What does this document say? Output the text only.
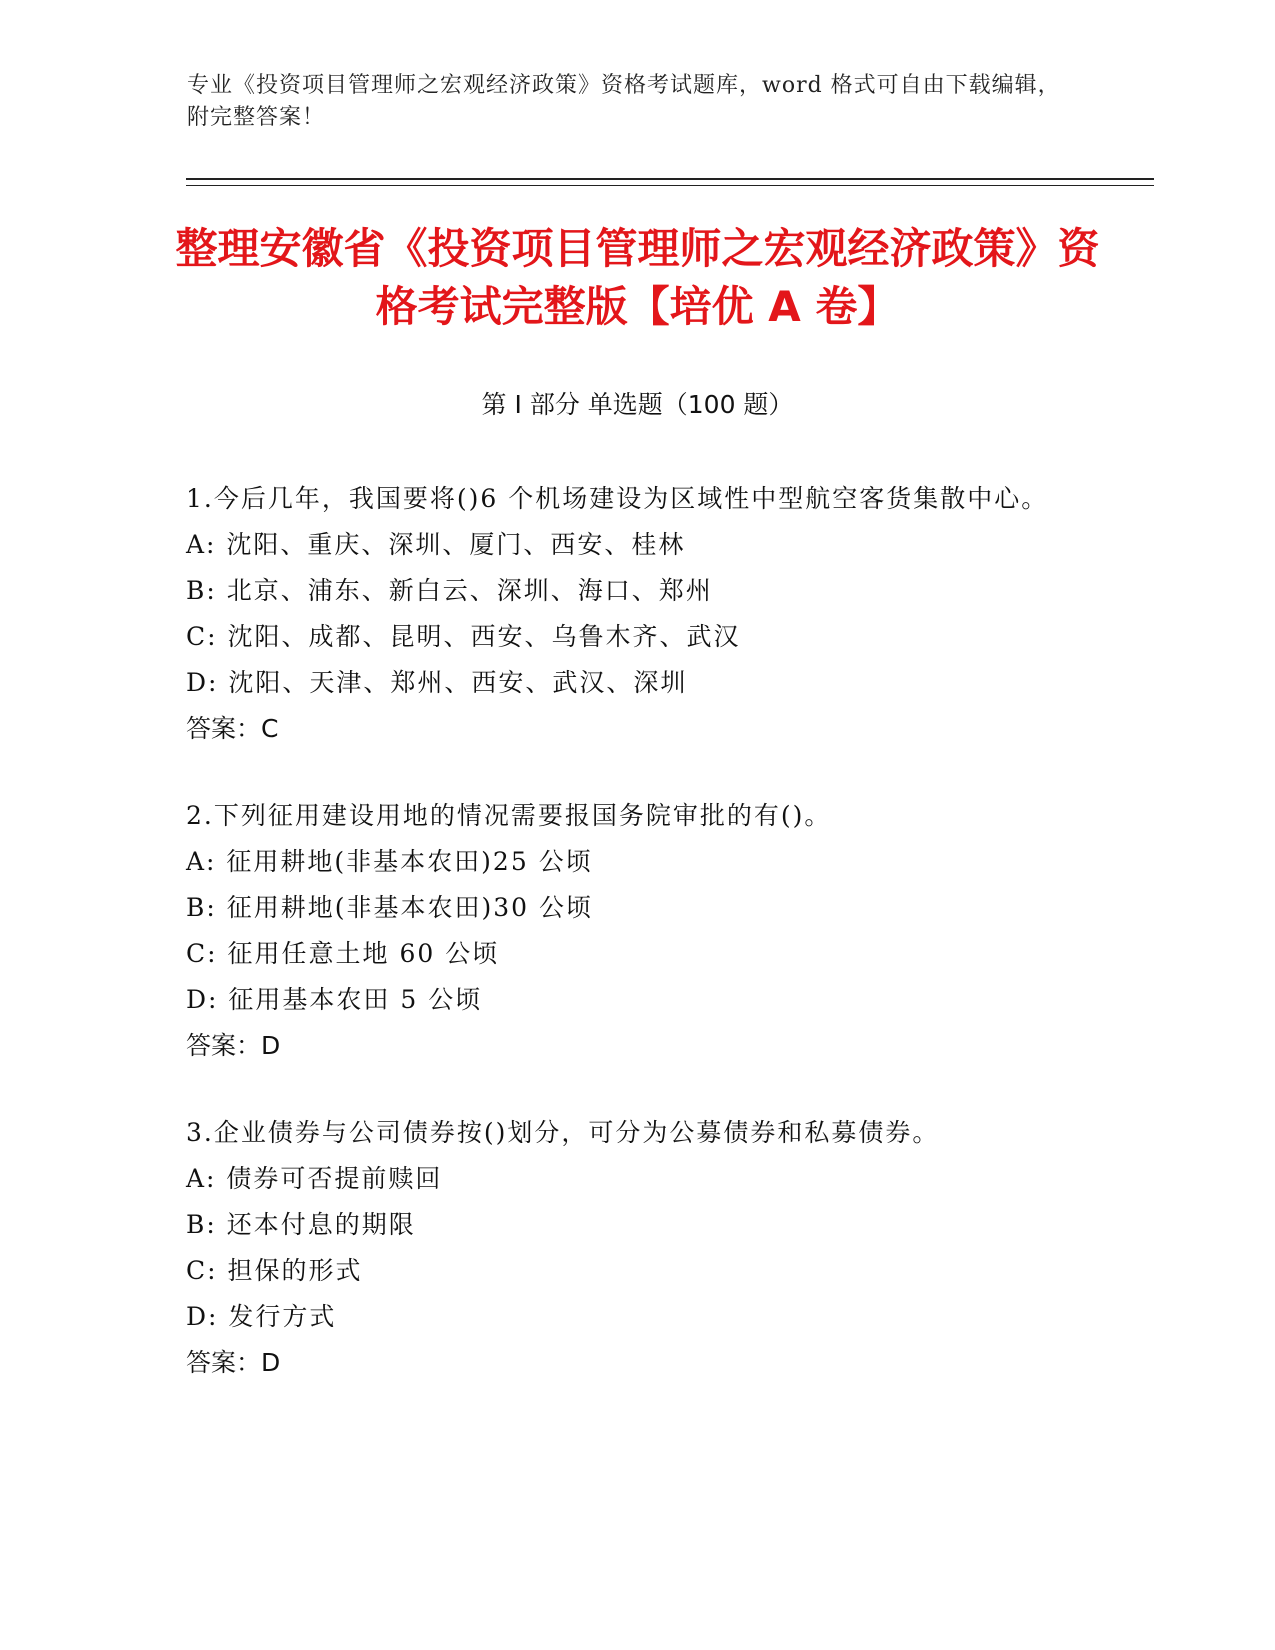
专业《投资项目管理师之宏观经济政策》资格考试题库，word 格式可自由下载编辑，附完整答案！
整理安徽省《投资项目管理师之宏观经济政策》资格考试完整版【培优 A 卷】
第 I 部分 单选题（100 题）
1.今后几年，我国要将()6 个机场建设为区域性中型航空客货集散中心。
A: 沈阳、重庆、深圳、厦门、西安、桂林
B: 北京、浦东、新白云、深圳、海口、郑州
C: 沈阳、成都、昆明、西安、乌鲁木齐、武汉
D: 沈阳、天津、郑州、西安、武汉、深圳
答案：C
2.下列征用建设用地的情况需要报国务院审批的有()。
A: 征用耕地(非基本农田)25 公顷
B: 征用耕地(非基本农田)30 公顷
C: 征用任意土地 60 公顷
D: 征用基本农田 5 公顷
答案：D
3.企业债券与公司债券按()划分，可分为公募债券和私募债券。
A: 债券可否提前赎回
B: 还本付息的期限
C: 担保的形式
D: 发行方式
答案：D
